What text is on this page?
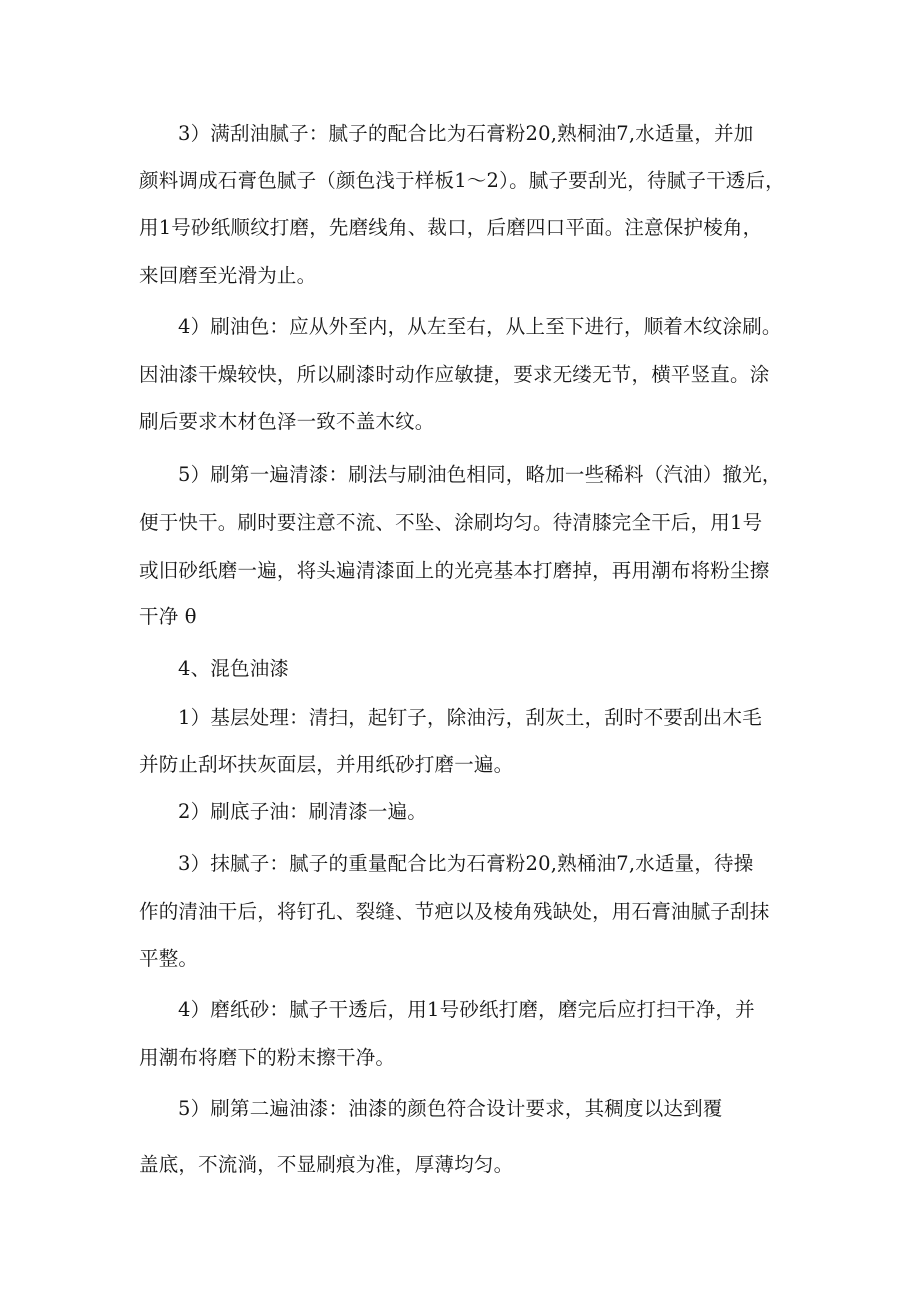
3）满刮油腻子：腻子的配合比为石膏粉20,熟桐油7,水适量，并加
颜料调成石膏色腻子（颜色浅于样板1～2）。腻子要刮光，待腻子干透后，
用1号砂纸顺纹打磨，先磨线角、裁口，后磨四口平面。注意保护棱角，
来回磨至光滑为止。
4）刷油色：应从外至内，从左至右，从上至下进行，顺着木纹涂刷。
因油漆干燥较快，所以刷漆时动作应敏捷，要求无缕无节，横平竖直。涂
刷后要求木材色泽一致不盖木纹。
5）刷第一遍清漆：刷法与刷油色相同，略加一些稀料（汽油）撤光，
便于快干。刷时要注意不流、不坠、涂刷均匀。待清膝完全干后，用1号
或旧砂纸磨一遍，将头遍清漆面上的光亮基本打磨掉，再用潮布将粉尘擦
干净 θ
4、混色油漆
1）基层处理：清扫，起钉子，除油污，刮灰土，刮时不要刮出木毛
并防止刮坏扶灰面层，并用纸砂打磨一遍。
2）刷底子油：刷清漆一遍。
3）抹腻子：腻子的重量配合比为石膏粉20,熟桶油7,水适量，待操
作的清油干后，将钉孔、裂缝、节疤以及棱角残缺处，用石膏油腻子刮抹
平整。
4）磨纸砂：腻子干透后，用1号砂纸打磨，磨完后应打扫干净，并
用潮布将磨下的粉末擦干净。
5）刷第二遍油漆：油漆的颜色符合设计要求，其稠度以达到覆
盖底，不流淌，不显刷痕为准，厚薄均匀。
